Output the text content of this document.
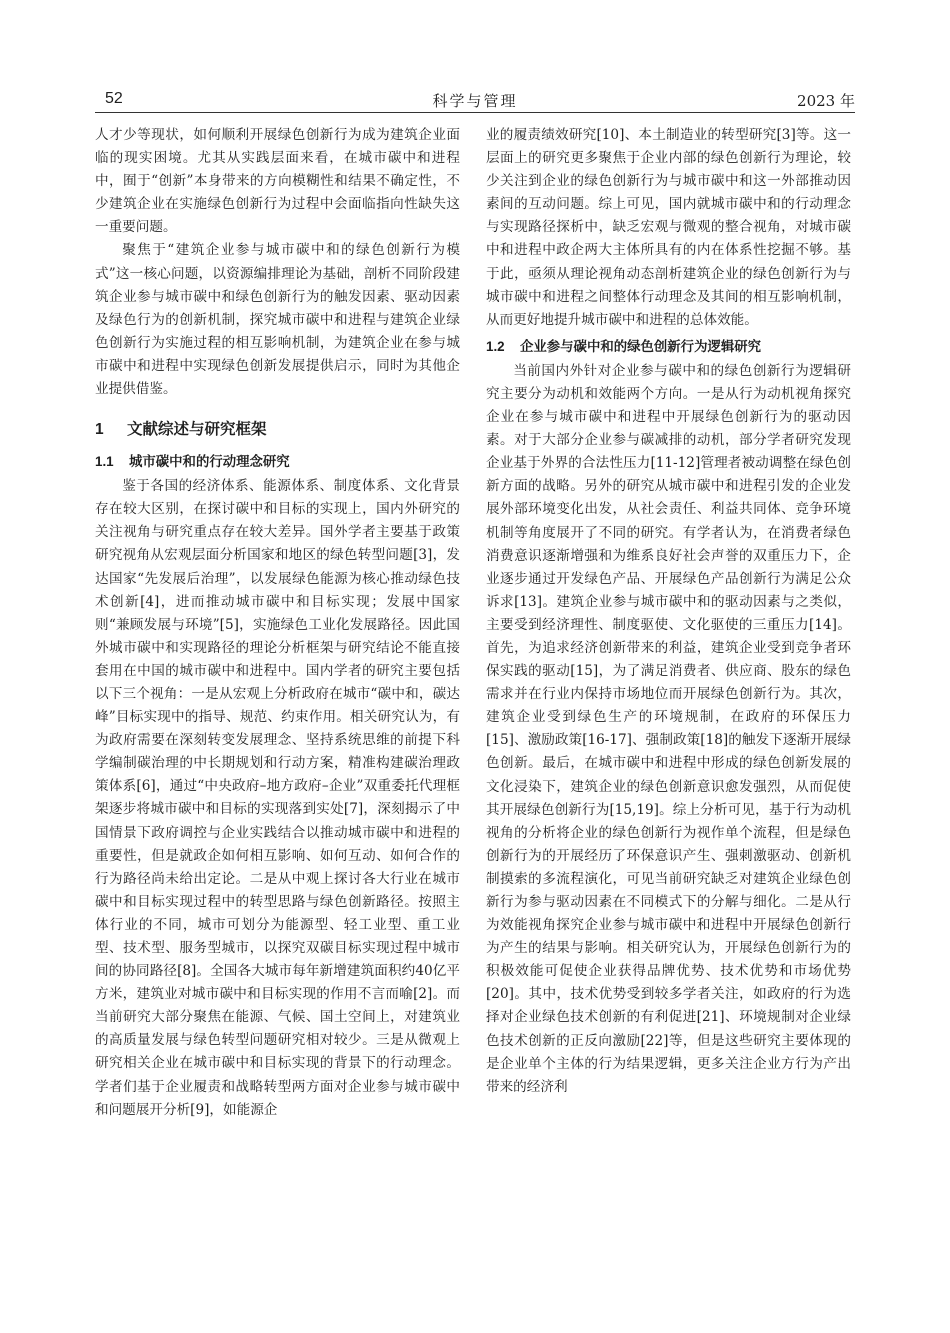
52	科学与管理	2023 年

人才少等现状，如何顺利开展绿色创新行为成为建筑企业面临的现实困境。尤其从实践层面来看，在城市碳中和进程中，囿于“创新”本身带来的方向模糊性和结果不确定性，不少建筑企业在实施绿色创新行为过程中会面临指向性缺失这一重要问题。

聚焦于“建筑企业参与城市碳中和的绿色创新行为模式”这一核心问题，以资源编排理论为基础，剖析不同阶段建筑企业参与城市碳中和绿色创新行为的触发因素、驱动因素及绿色行为的创新机制，探究城市碳中和进程与建筑企业绿色创新行为实施过程的相互影响机制，为建筑企业在参与城市碳中和进程中实现绿色创新发展提供启示，同时为其他企业提供借鉴。

1 文献综述与研究框架
1.1 城市碳中和的行动理念研究

鉴于各国的经济体系、能源体系、制度体系、文化背景存在较大区别，在探讨碳中和目标的实现上，国内外研究的关注视角与研究重点存在较大差异。国外学者主要基于政策研究视角从宏观层面分析国家和地区的绿色转型问题[3]，发达国家“先发展后治理”，以发展绿色能源为核心推动绿色技术创新[4]，进而推动城市碳中和目标实现；发展中国家则“兼顾发展与环境”[5]，实施绿色工业化发展路径。因此国外城市碳中和实现路径的理论分析框架与研究结论不能直接套用在中国的城市碳中和进程中。国内学者的研究主要包括以下三个视角：一是从宏观上分析政府在城市“碳中和，碳达峰”目标实现中的指导、规范、约束作用。相关研究认为，有为政府需要在深刻转变发展理念、坚持系统思维的前提下科学编制碳治理的中长期规划和行动方案，精准构建碳治理政策体系[6]，通过“中央政府–地方政府–企业”双重委托代理框架逐步将城市碳中和目标的实现落到实处[7]，深刻揭示了中国情景下政府调控与企业实践结合以推动城市碳中和进程的重要性，但是就政企如何相互影响、如何互动、如何合作的行为路径尚未给出定论。二是从中观上探讨各大行业在城市碳中和目标实现过程中的转型思路与绿色创新路径。按照主体行业的不同，城市可划分为能源型、轻工业型、重工业型、技术型、服务型城市，以探究双碳目标实现过程中城市间的协同路径[8]。全国各大城市每年新增建筑面积约40亿平方米，建筑业对城市碳中和目标实现的作用不言而喻[2]。而当前研究大部分聚焦在能源、气候、国土空间上，对建筑业的高质量发展与绿色转型问题研究相对较少。三是从微观上研究相关企业在城市碳中和目标实现的背景下的行动理念。学者们基于企业履责和战略转型两方面对企业参与城市碳中和问题展开分析[9]，如能源企

业的履责绩效研究[10]、本土制造业的转型研究[3]等。这一层面上的研究更多聚焦于企业内部的绿色创新行为理论，较少关注到企业的绿色创新行为与城市碳中和这一外部推动因素间的互动问题。综上可见，国内就城市碳中和的行动理念与实现路径探析中，缺乏宏观与微观的整合视角，对城市碳中和进程中政企两大主体所具有的内在体系性挖掘不够。基于此，亟须从理论视角动态剖析建筑企业的绿色创新行为与城市碳中和进程之间整体行动理念及其间的相互影响机制，从而更好地提升城市碳中和进程的总体效能。

1.2 企业参与碳中和的绿色创新行为逻辑研究

当前国内外针对企业参与碳中和的绿色创新行为逻辑研究主要分为动机和效能两个方向。一是从行为动机视角探究企业在参与城市碳中和进程中开展绿色创新行为的驱动因素。对于大部分企业参与碳减排的动机，部分学者研究发现企业基于外界的合法性压力[11-12]管理者被动调整在绿色创新方面的战略。另外的研究从城市碳中和进程引发的企业发展外部环境变化出发，从社会责任、利益共同体、竞争环境机制等角度展开了不同的研究。有学者认为，在消费者绿色消费意识逐渐增强和为维系良好社会声誉的双重压力下，企业逐步通过开发绿色产品、开展绿色产品创新行为满足公众诉求[13]。建筑企业参与城市碳中和的驱动因素与之类似，主要受到经济理性、制度驱使、文化驱使的三重压力[14]。首先，为追求经济创新带来的利益，建筑企业受到竞争者环保实践的驱动[15]，为了满足消费者、供应商、股东的绿色需求并在行业内保持市场地位而开展绿色创新行为。其次，建筑企业受到绿色生产的环境规制，在政府的环保压力[15]、激励政策[16-17]、强制政策[18]的触发下逐渐开展绿色创新。最后，在城市碳中和进程中形成的绿色创新发展的文化浸染下，建筑企业的绿色创新意识愈发强烈，从而促使其开展绿色创新行为[15,19]。综上分析可见，基于行为动机视角的分析将企业的绿色创新行为视作单个流程，但是绿色创新行为的开展经历了环保意识产生、强刺激驱动、创新机制摸索的多流程演化，可见当前研究缺乏对建筑企业绿色创新行为参与驱动因素在不同模式下的分解与细化。二是从行为效能视角探究企业参与城市碳中和进程中开展绿色创新行为产生的结果与影响。相关研究认为，开展绿色创新行为的积极效能可促使企业获得品牌优势、技术优势和市场优势[20]。其中，技术优势受到较多学者关注，如政府的行为选择对企业绿色技术创新的有利促进[21]、环境规制对企业绿色技术创新的正反向激励[22]等，但是这些研究主要体现的是企业单个主体的行为结果逻辑，更多关注企业方行为产出带来的经济利
